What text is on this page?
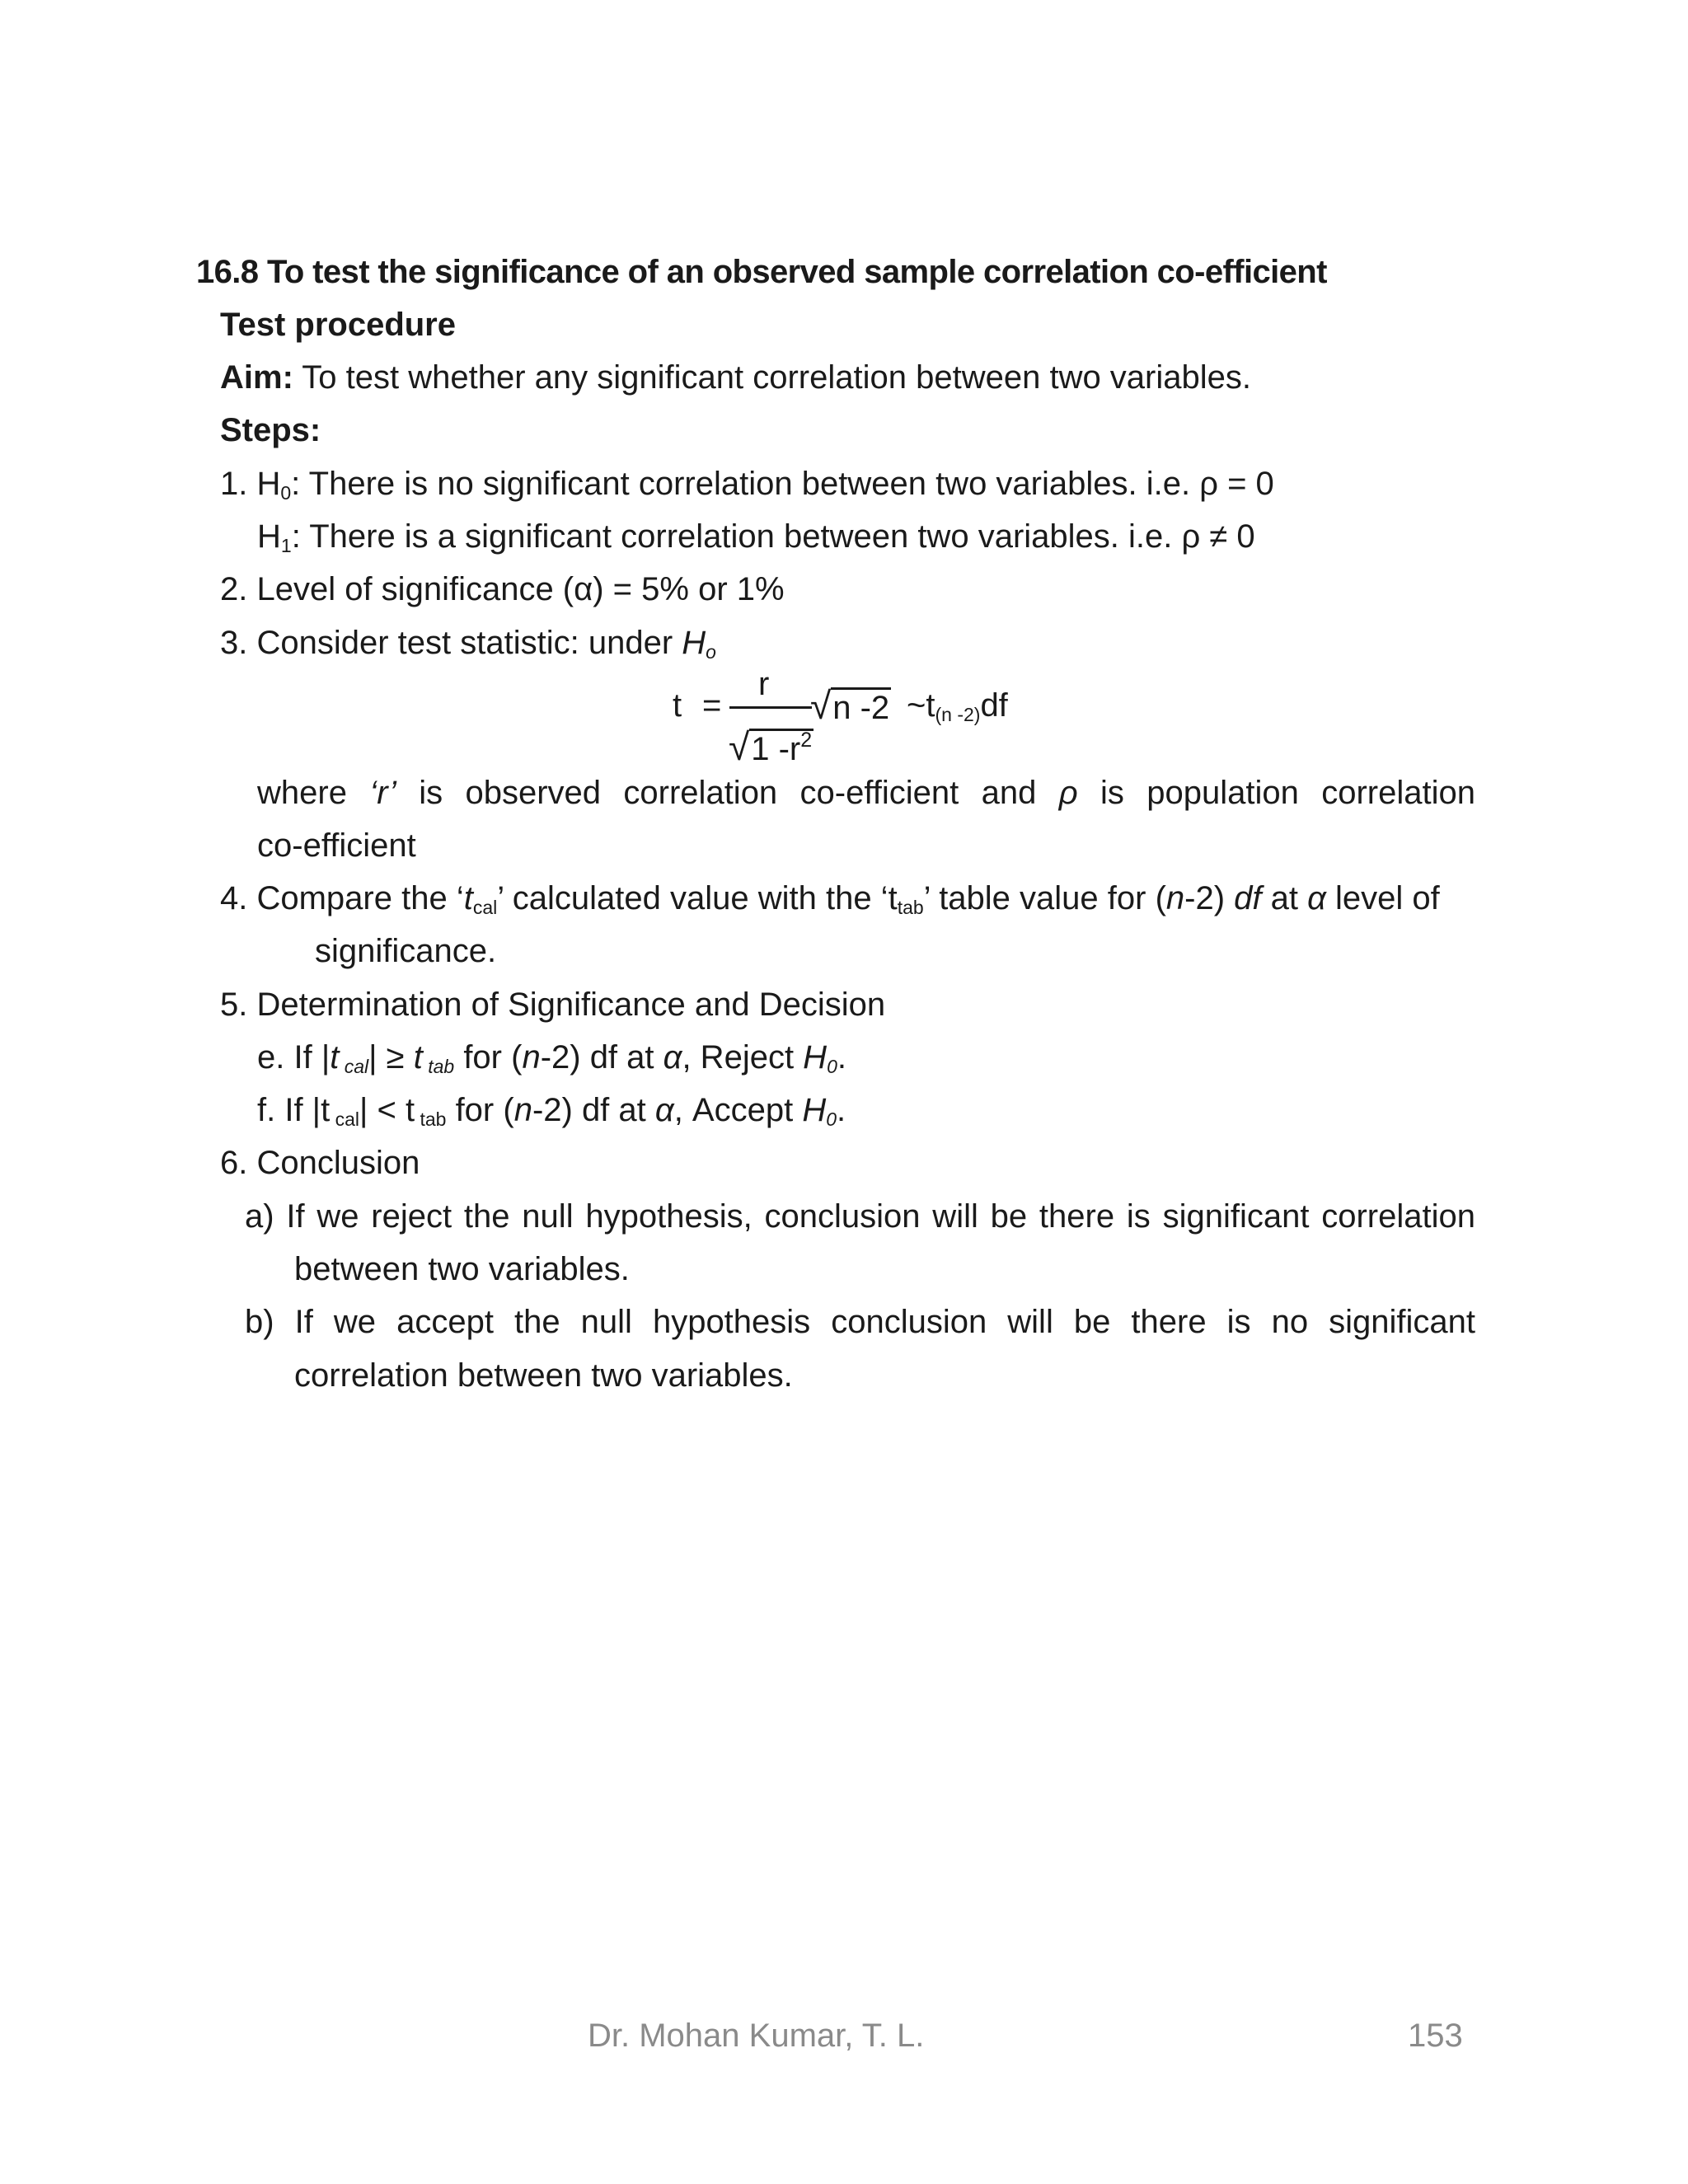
16.8 To test the significance of an observed sample correlation co-efficient
Test procedure
Aim: To test whether any significant correlation between two variables.
Steps:
1. $H_0$: There is no significant correlation between two variables. i.e. ρ = 0
$H_1$: There is a significant correlation between two variables. i.e. ρ ≠ 0
2. Level of significance (α) = 5% or 1%
3. Consider test statistic: under $H_o$
t =
r
√1 $-r^2$
√n -2 $\sim t_{(n -2)}df$
where ‘r’ is observed correlation co-efficient and ρ is population correlation
co-efficient
4. Compare the ‘$t_{cal}$’ calculated value with the ‘$t_{tab}$’ table value for (n-2) df at α level of
significance.
5. Determination of Significance and Decision
e. If |t $_{cal}$| ≥ t $_{tab}$ for (n-2) df at α, Reject $H_0$.
f. If |t $_{cal}$| < t $_{tab}$ for (n-2) df at α, Accept $H_0$.
6. Conclusion
a) If we reject the null hypothesis, conclusion will be there is significant correlation
between two variables.
b) If we accept the null hypothesis conclusion will be there is no significant
correlation between two variables.
Dr. Mohan Kumar, T. L.	153
